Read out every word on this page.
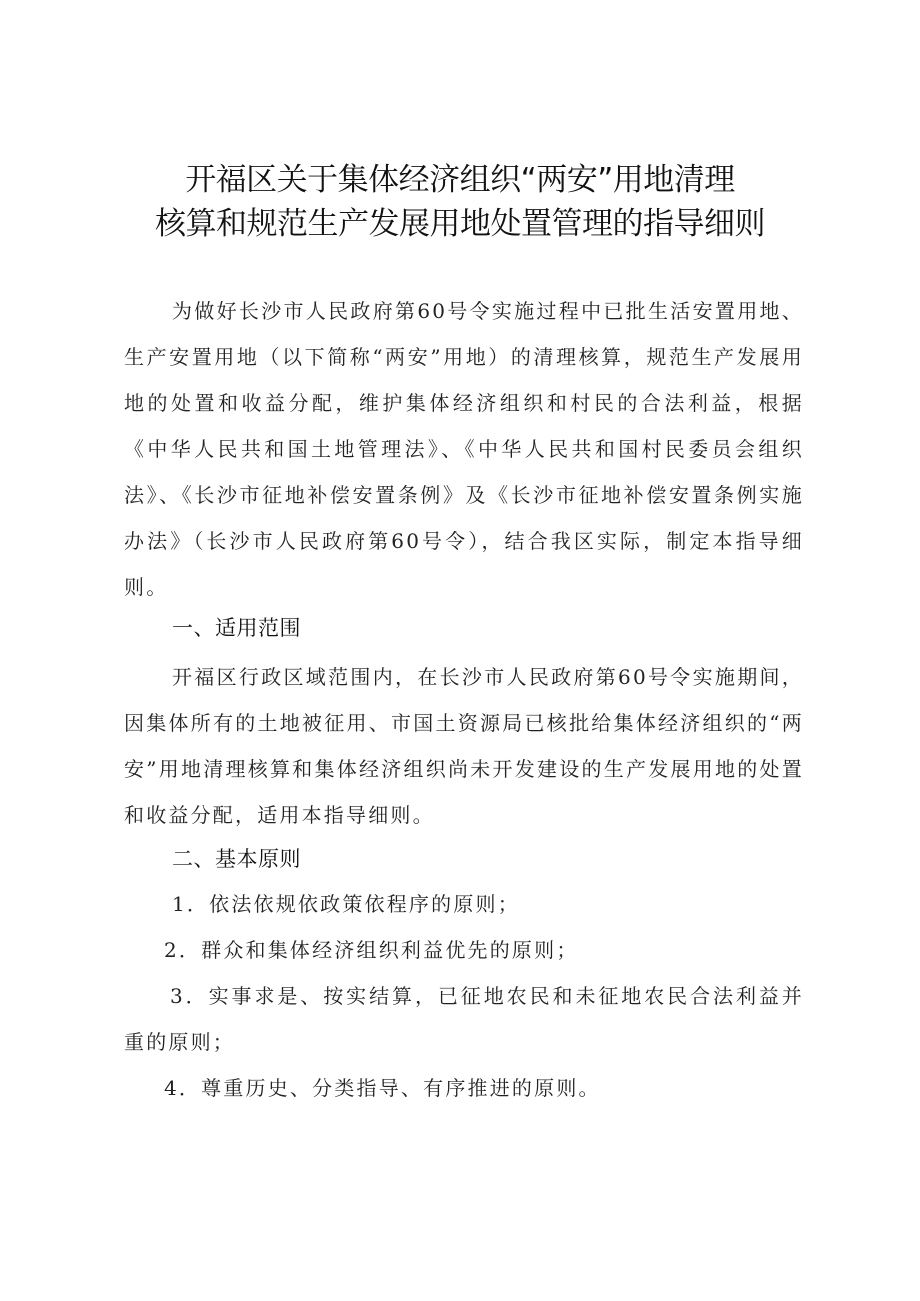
开福区关于集体经济组织“两安”用地清理
核算和规范生产发展用地处置管理的指导细则

为做好长沙市人民政府第60号令实施过程中已批生活安置用地、生产安置用地（以下简称“两安”用地）的清理核算，规范生产发展用地的处置和收益分配，维护集体经济组织和村民的合法利益，根据《中华人民共和国土地管理法》、《中华人民共和国村民委员会组织法》、《长沙市征地补偿安置条例》及《长沙市征地补偿安置条例实施办法》（长沙市人民政府第60号令），结合我区实际，制定本指导细则。

一、适用范围

开福区行政区域范围内，在长沙市人民政府第60号令实施期间，因集体所有的土地被征用、市国土资源局已核批给集体经济组织的“两安”用地清理核算和集体经济组织尚未开发建设的生产发展用地的处置和收益分配，适用本指导细则。

二、基本原则

1．依法依规依政策依程序的原则；

2．群众和集体经济组织利益优先的原则；

3．实事求是、按实结算，已征地农民和未征地农民合法利益并重的原则；

4．尊重历史、分类指导、有序推进的原则。
